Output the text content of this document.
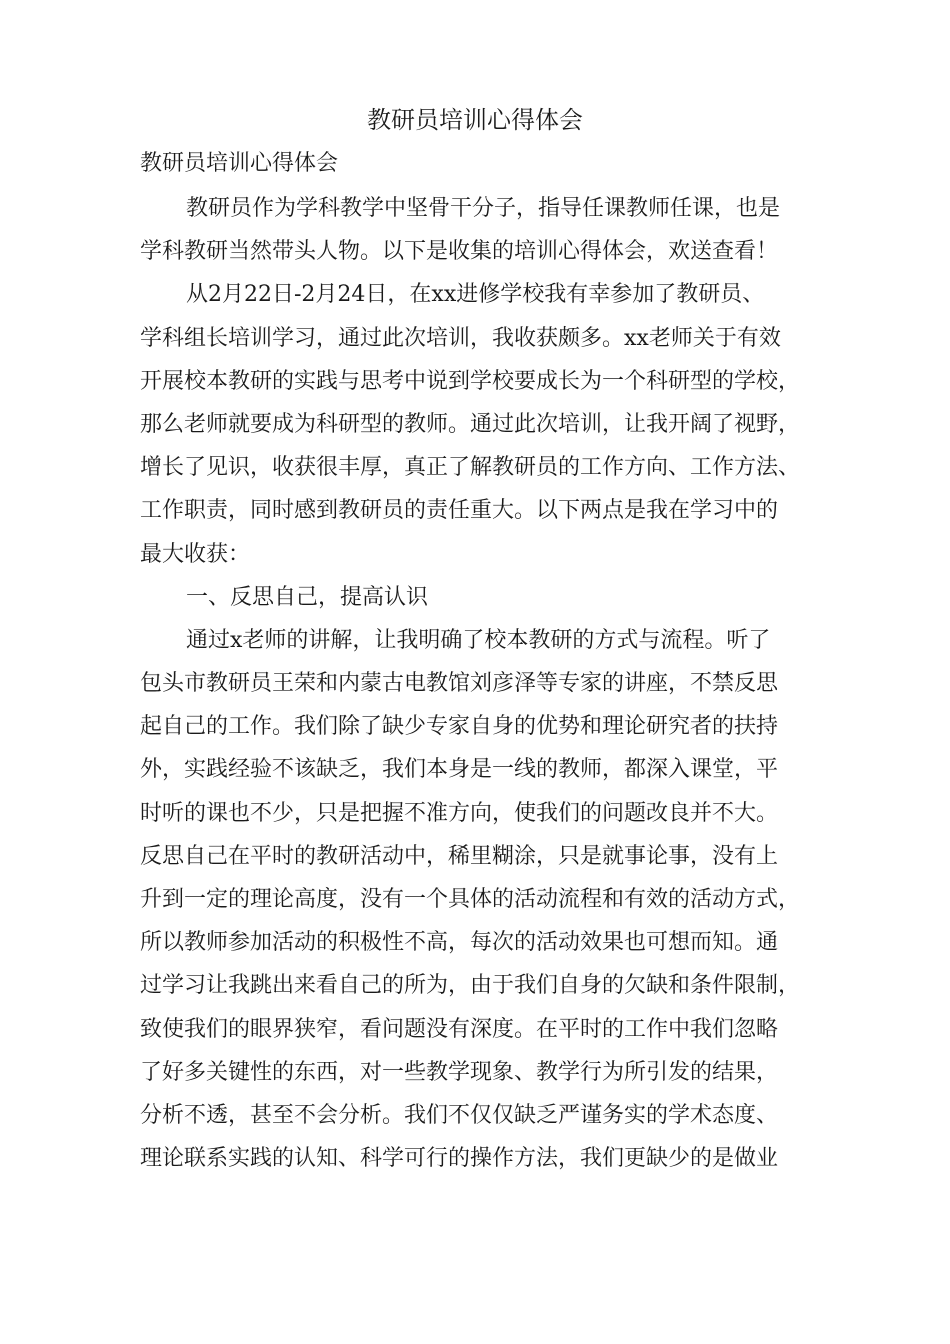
教研员培训心得体会
教研员培训心得体会
教研员作为学科教学中坚骨干分子，指导任课教师任课，也是
学科教研当然带头人物。以下是收集的培训心得体会，欢送查看！
从2月22日-2月24日，在xx进修学校我有幸参加了教研员、
学科组长培训学习，通过此次培训，我收获颇多。xx老师关于有效
开展校本教研的实践与思考中说到学校要成长为一个科研型的学校，
那么老师就要成为科研型的教师。通过此次培训，让我开阔了视野，
增长了见识，收获很丰厚，真正了解教研员的工作方向、工作方法、
工作职责，同时感到教研员的责任重大。以下两点是我在学习中的
最大收获：
一、反思自己，提高认识
通过x老师的讲解，让我明确了校本教研的方式与流程。听了
包头市教研员王荣和内蒙古电教馆刘彦泽等专家的讲座，不禁反思
起自己的工作。我们除了缺少专家自身的优势和理论研究者的扶持
外，实践经验不该缺乏，我们本身是一线的教师，都深入课堂，平
时听的课也不少，只是把握不准方向，使我们的问题改良并不大。
反思自己在平时的教研活动中，稀里糊涂，只是就事论事，没有上
升到一定的理论高度，没有一个具体的活动流程和有效的活动方式，
所以教师参加活动的积极性不高，每次的活动效果也可想而知。通
过学习让我跳出来看自己的所为，由于我们自身的欠缺和条件限制，
致使我们的眼界狭窄，看问题没有深度。在平时的工作中我们忽略
了好多关键性的东西，对一些教学现象、教学行为所引发的结果，
分析不透，甚至不会分析。我们不仅仅缺乏严谨务实的学术态度、
理论联系实践的认知、科学可行的操作方法，我们更缺少的是做业
